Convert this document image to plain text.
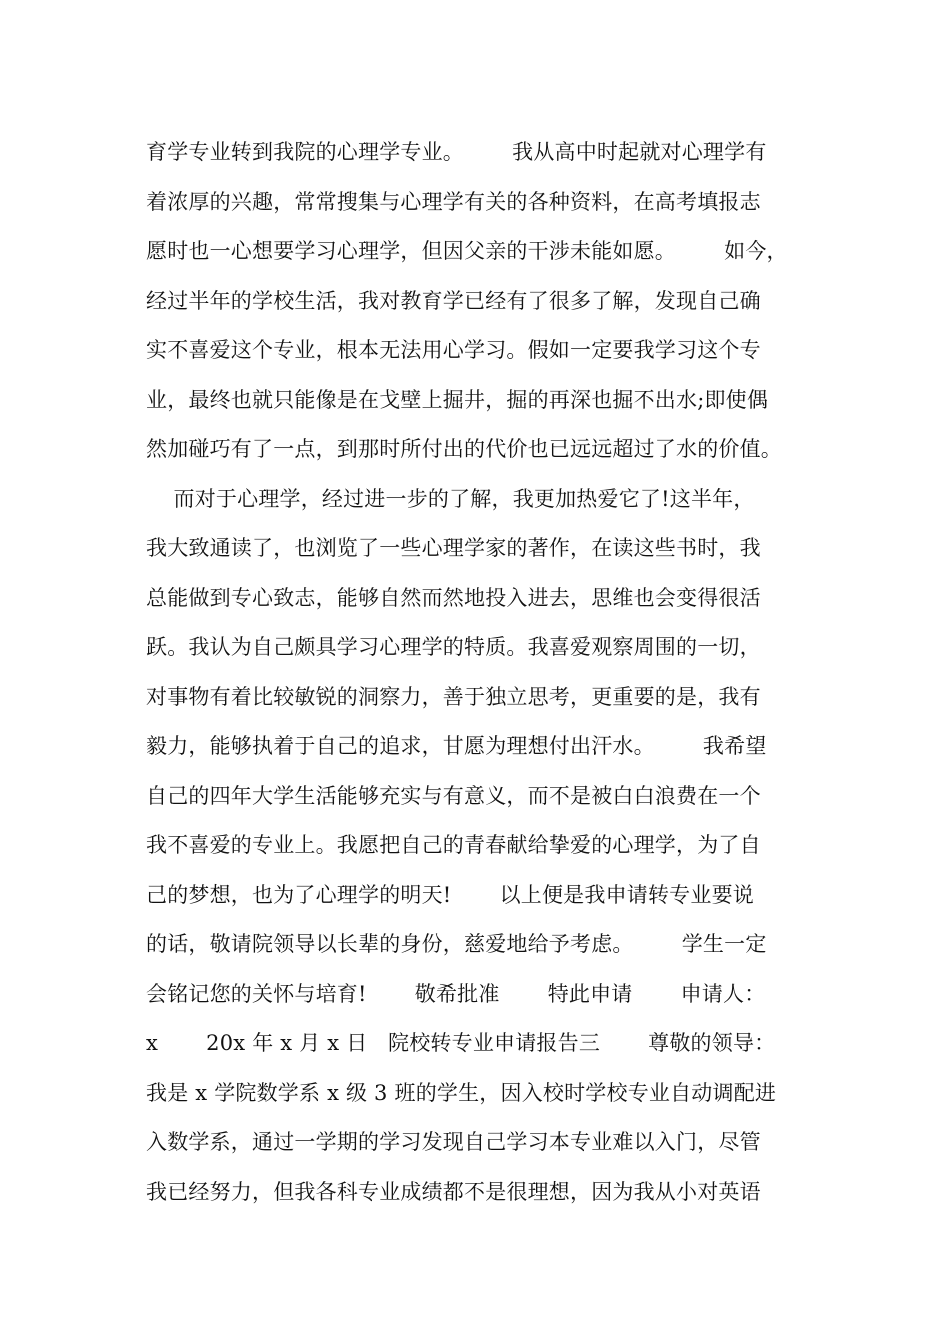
育学专业转到我院的心理学专业。       我从高中时起就对心理学有
着浓厚的兴趣，常常搜集与心理学有关的各种资料，在高考填报志
愿时也一心想要学习心理学，但因父亲的干涉未能如愿。       如今，
经过半年的学校生活，我对教育学已经有了很多了解，发现自己确
实不喜爱这个专业，根本无法用心学习。假如一定要我学习这个专
业，最终也就只能像是在戈壁上掘井，掘的再深也掘不出水;即使偶
然加碰巧有了一点，到那时所付出的代价也已远远超过了水的价值。
而对于心理学，经过进一步的了解，我更加热爱它了!这半年，
我大致通读了，也浏览了一些心理学家的著作，在读这些书时，我
总能做到专心致志，能够自然而然地投入进去，思维也会变得很活
跃。我认为自己颇具学习心理学的特质。我喜爱观察周围的一切，
对事物有着比较敏锐的洞察力，善于独立思考，更重要的是，我有
毅力，能够执着于自己的追求，甘愿为理想付出汗水。       我希望
自己的四年大学生活能够充实与有意义，而不是被白白浪费在一个
我不喜爱的专业上。我愿把自己的青春献给挚爱的心理学，为了自
己的梦想，也为了心理学的明天!       以上便是我申请转专业要说
的话，敬请院领导以长辈的身份，慈爱地给予考虑。       学生一定
会铭记您的关怀与培育!       敬希批准       特此申请       申请人：
x       20x 年 x 月 x 日   院校转专业申请报告三       尊敬的领导：
我是 x 学院数学系 x 级 3 班的学生，因入校时学校专业自动调配进
入数学系，通过一学期的学习发现自己学习本专业难以入门，尽管
我已经努力，但我各科专业成绩都不是很理想，因为我从小对英语
